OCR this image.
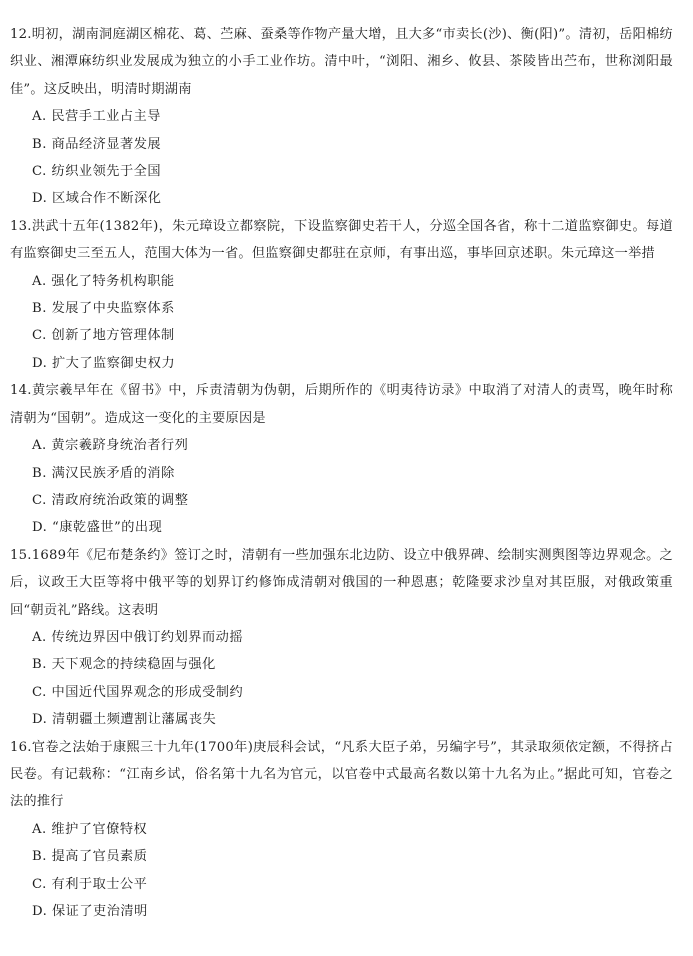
12.明初，湖南洞庭湖区棉花、葛、苎麻、蚕桑等作物产量大增，且大多“市卖长(沙)、衡(阳)”。清初，岳阳棉纺织业、湘潭麻纺织业发展成为独立的小手工业作坊。清中叶，“浏阳、湘乡、攸县、茶陵皆出苎布，世称浏阳最佳”。这反映出，明清时期湖南

A. 民营手工业占主导
B. 商品经济显著发展
C. 纺织业领先于全国
D. 区域合作不断深化

13.洪武十五年(1382年)，朱元璋设立都察院，下设监察御史若干人，分巡全国各省，称十二道监察御史。每道有监察御史三至五人，范围大体为一省。但监察御史都驻在京师，有事出巡，事毕回京述职。朱元璋这一举措

A. 强化了特务机构职能
B. 发展了中央监察体系
C. 创新了地方管理体制
D. 扩大了监察御史权力

14.黄宗羲早年在《留书》中，斥责清朝为伪朝，后期所作的《明夷待访录》中取消了对清人的责骂，晚年时称清朝为“国朝”。造成这一变化的主要原因是

A. 黄宗羲跻身统治者行列
B. 满汉民族矛盾的消除
C. 清政府统治政策的调整
D. “康乾盛世”的出现

15.1689年《尼布楚条约》签订之时，清朝有一些加强东北边防、设立中俄界碑、绘制实测舆图等边界观念。之后，议政王大臣等将中俄平等的划界订约修饰成清朝对俄国的一种恩惠；乾隆要求沙皇对其臣服，对俄政策重回“朝贡礼”路线。这表明

A. 传统边界因中俄订约划界而动摇
B. 天下观念的持续稳固与强化
C. 中国近代国界观念的形成受制约
D. 清朝疆土频遭割让藩属丧失

16.官卷之法始于康熙三十九年(1700年)庚辰科会试，“凡系大臣子弟，另编字号”，其录取须依定额，不得挤占民卷。有记载称：“江南乡试，俗名第十九名为官元，以官卷中式最高名数以第十九名为止。”据此可知，官卷之法的推行

A. 维护了官僚特权
B. 提高了官员素质
C. 有利于取士公平
D. 保证了吏治清明
